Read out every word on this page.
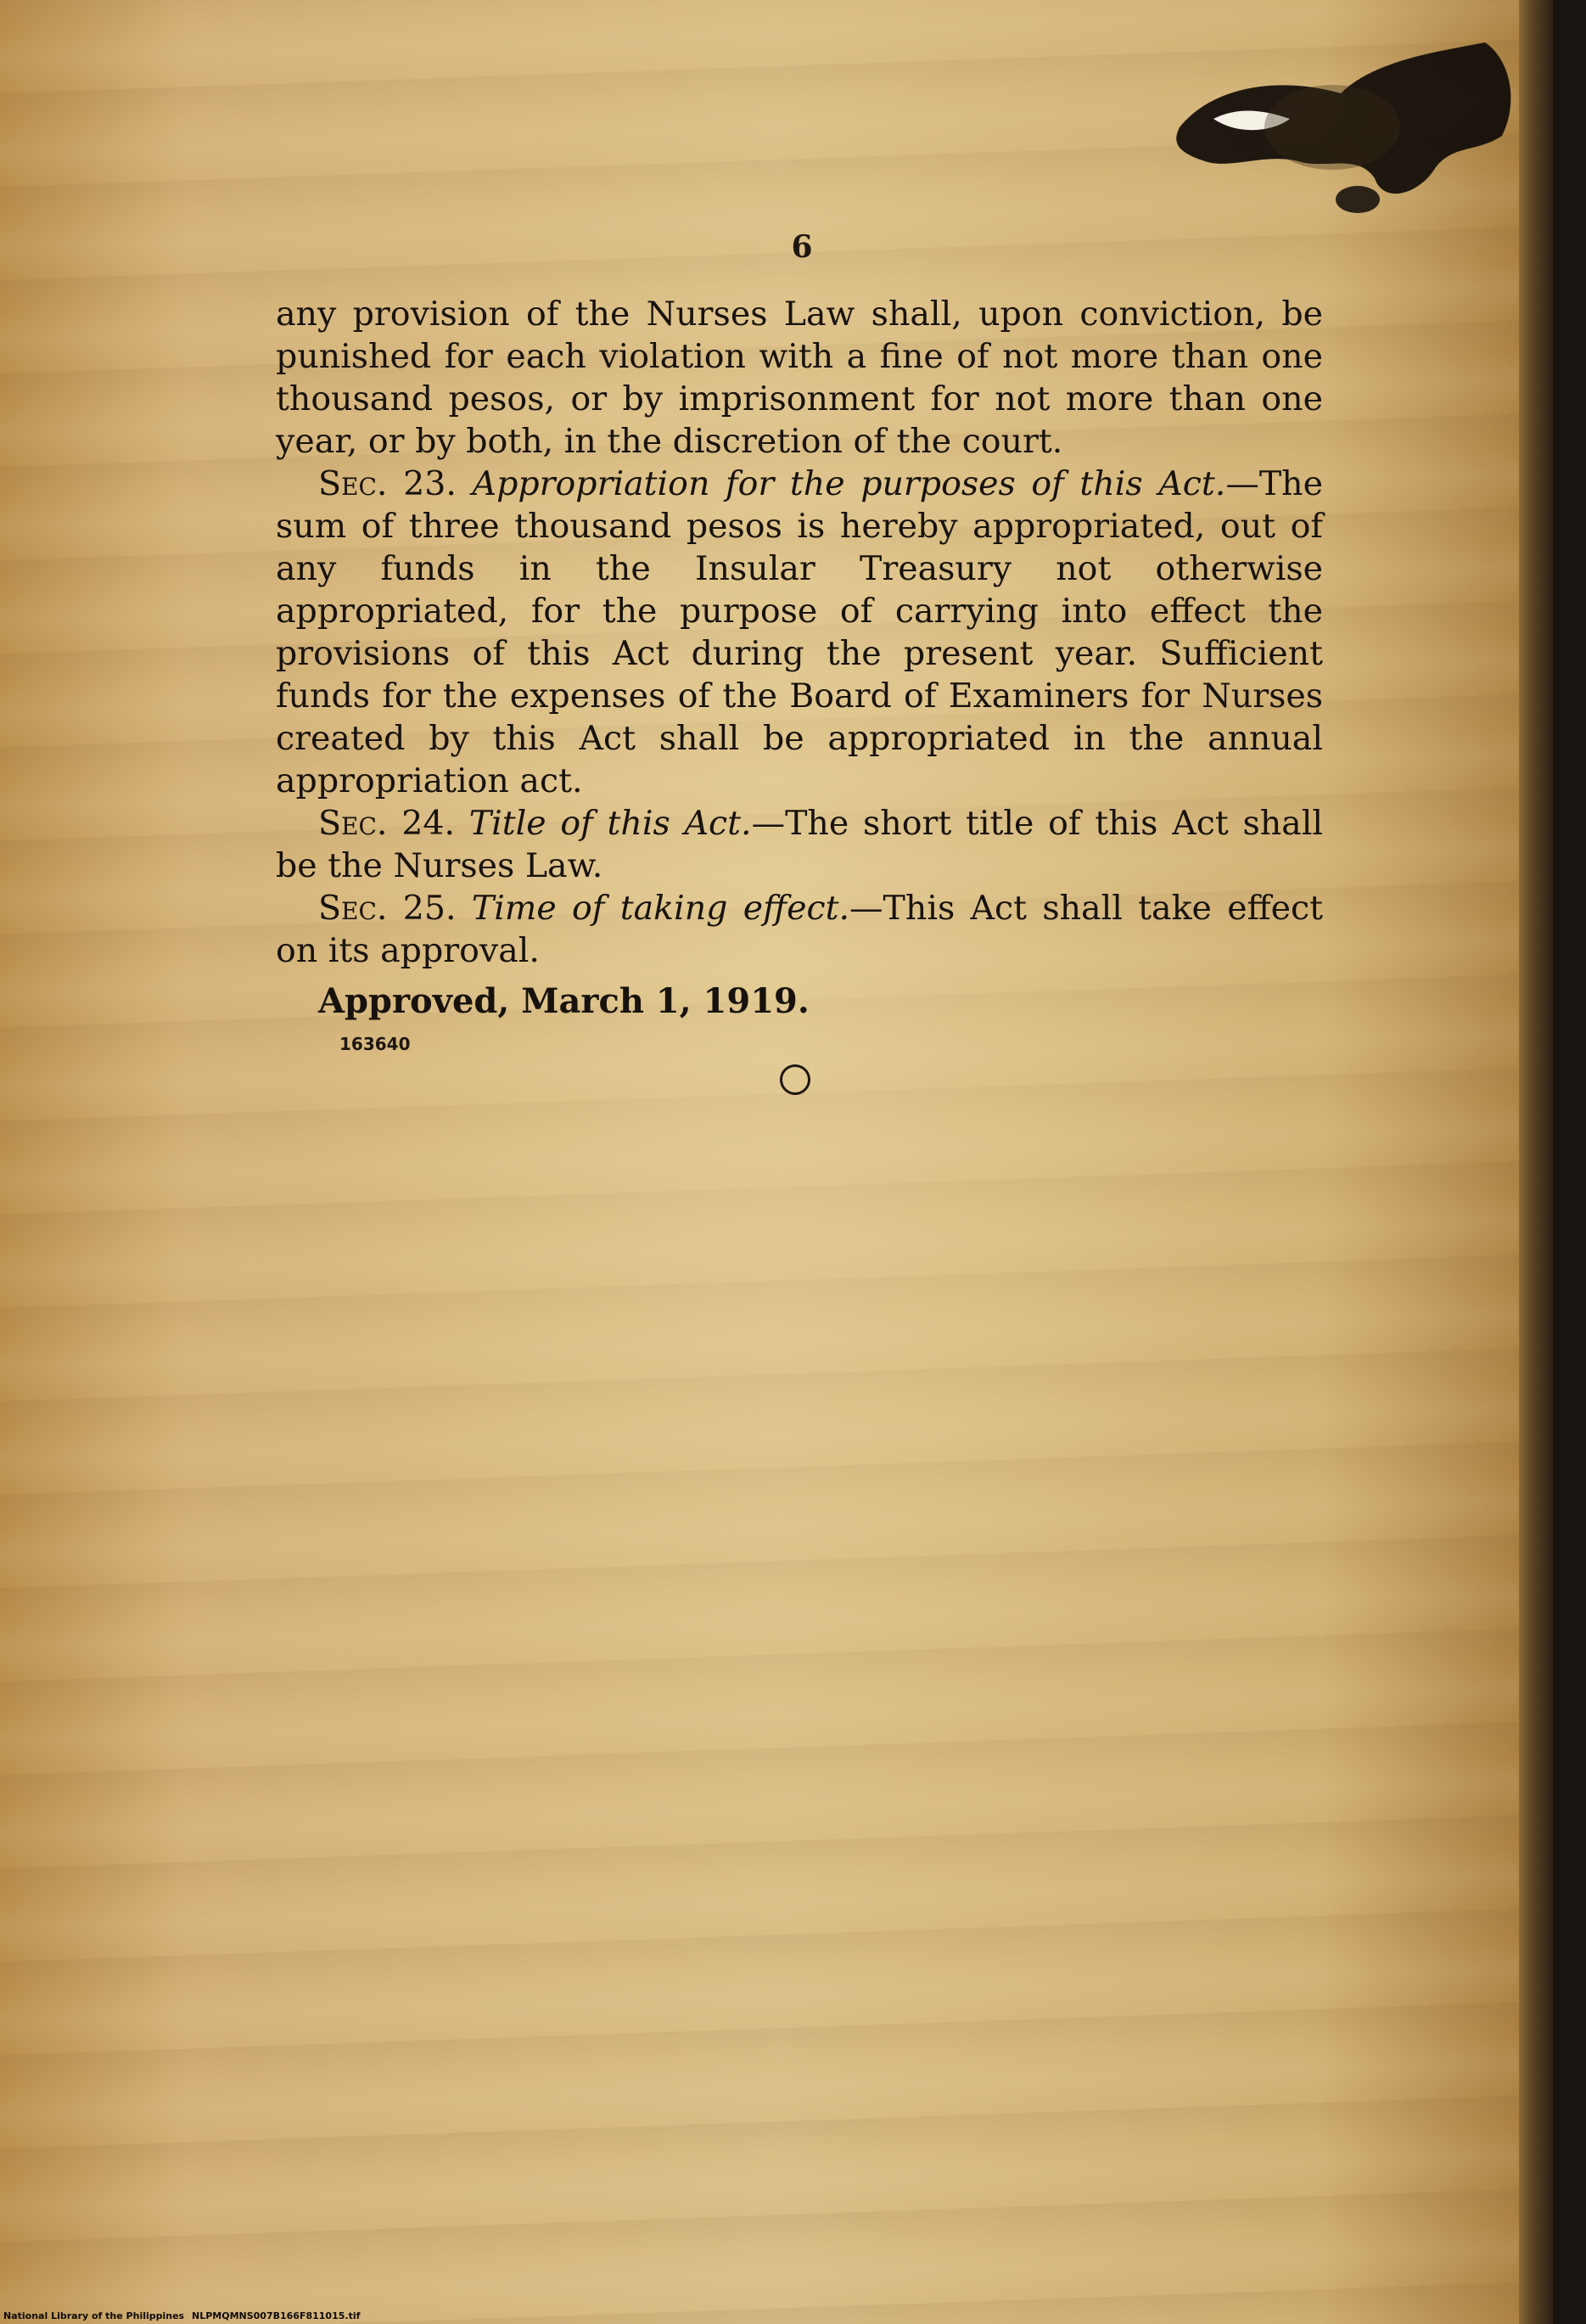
6

any provision of the Nurses Law shall, upon conviction, be punished for each violation with a fine of not more than one thousand pesos, or by imprisonment for not more than one year, or by both, in the discretion of the court.

Sec. 23. Appropriation for the purposes of this Act.—The sum of three thousand pesos is hereby appropriated, out of any funds in the Insular Treasury not otherwise appropriated, for the purpose of carrying into effect the provisions of this Act during the present year. Sufficient funds for the expenses of the Board of Examiners for Nurses created by this Act shall be appropriated in the annual appropriation act.

Sec. 24. Title of this Act.—The short title of this Act shall be the Nurses Law.

Sec. 25. Time of taking effect.—This Act shall take effect on its approval.

Approved, March 1, 1919.

163640
National Library of the Philippines NLPMQMNS007B166F811015.tif
